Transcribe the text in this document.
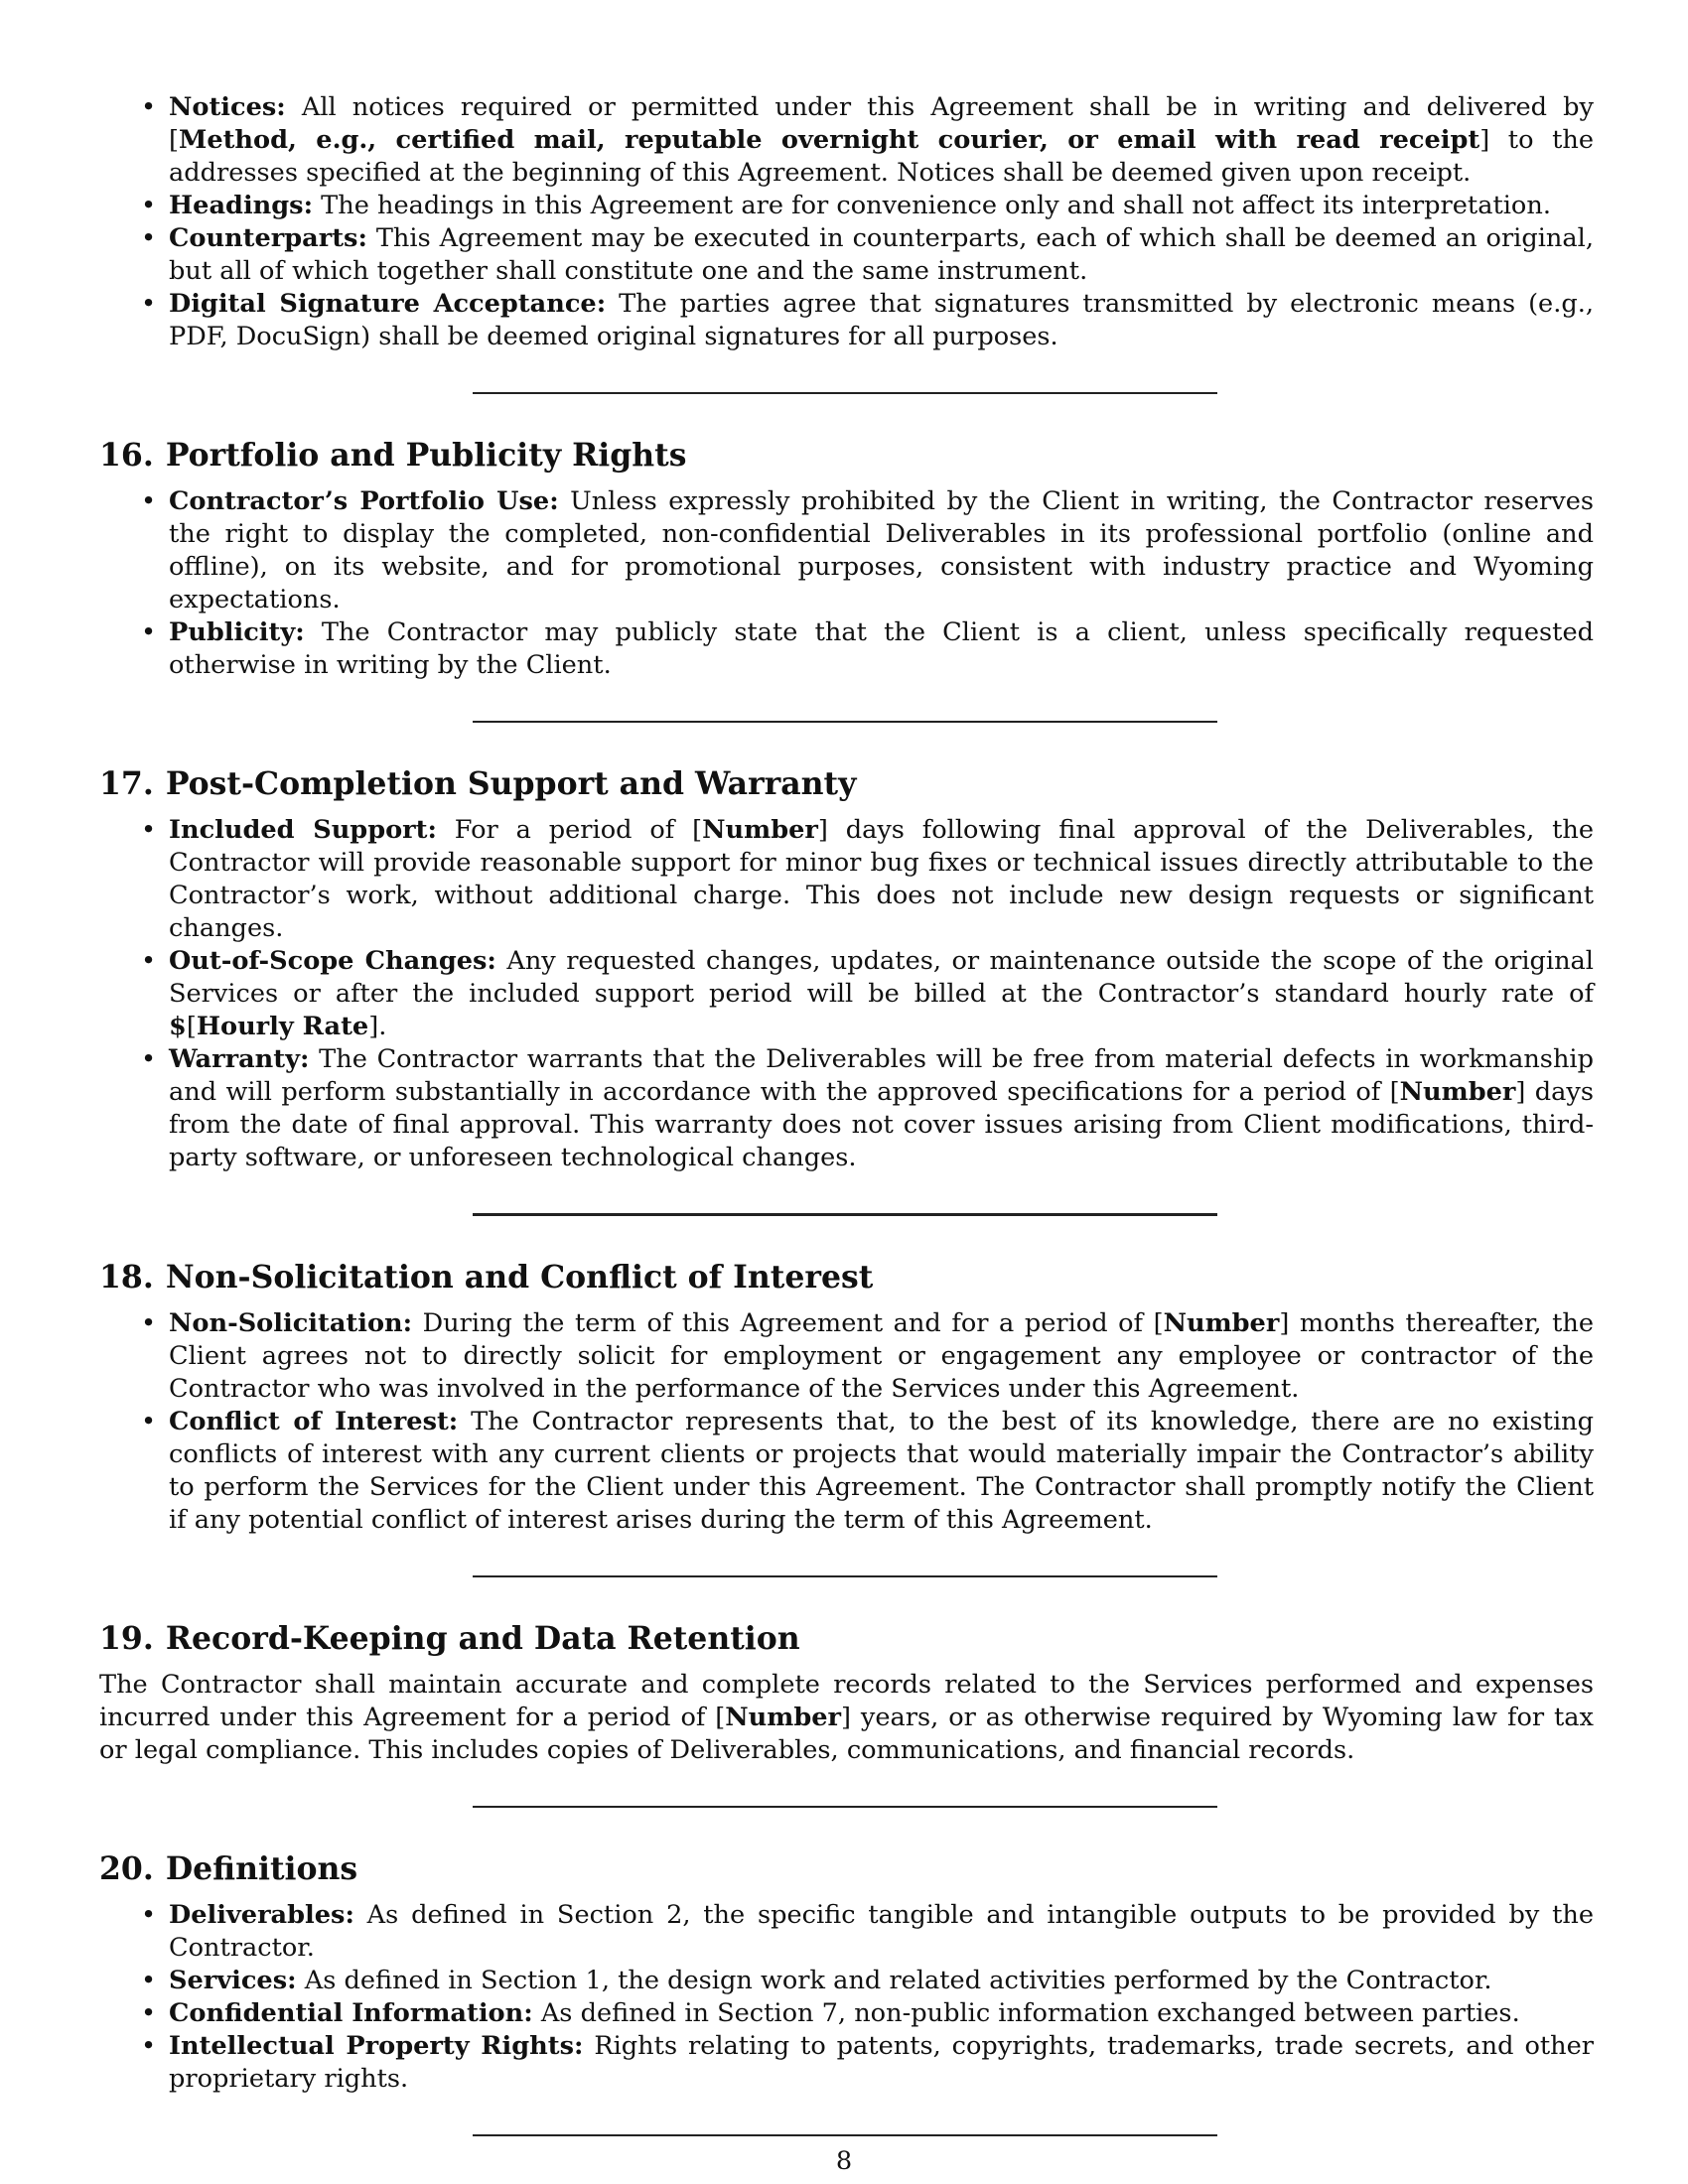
• Notices: All notices required or permitted under this Agreement shall be in writing and delivered by [Method, e.g., certified mail, reputable overnight courier, or email with read receipt] to the addresses specified at the beginning of this Agreement. Notices shall be deemed given upon receipt.
• Headings: The headings in this Agreement are for convenience only and shall not affect its interpretation.
• Counterparts: This Agreement may be executed in counterparts, each of which shall be deemed an original, but all of which together shall constitute one and the same instrument.
• Digital Signature Acceptance: The parties agree that signatures transmitted by electronic means (e.g., PDF, DocuSign) shall be deemed original signatures for all purposes.
16. Portfolio and Publicity Rights
• Contractor’s Portfolio Use: Unless expressly prohibited by the Client in writing, the Contractor reserves the right to display the completed, non-confidential Deliverables in its professional portfolio (online and offline), on its website, and for promotional purposes, consistent with industry practice and Wyoming expectations.
• Publicity: The Contractor may publicly state that the Client is a client, unless specifically requested otherwise in writing by the Client.
17. Post-Completion Support and Warranty
• Included Support: For a period of [Number] days following final approval of the Deliverables, the Contractor will provide reasonable support for minor bug fixes or technical issues directly attributable to the Contractor’s work, without additional charge. This does not include new design requests or significant changes.
• Out-of-Scope Changes: Any requested changes, updates, or maintenance outside the scope of the original Services or after the included support period will be billed at the Contractor’s standard hourly rate of $[Hourly Rate].
• Warranty: The Contractor warrants that the Deliverables will be free from material defects in workmanship and will perform substantially in accordance with the approved specifications for a period of [Number] days from the date of final approval. This warranty does not cover issues arising from Client modifications, third-party software, or unforeseen technological changes.
18. Non-Solicitation and Conflict of Interest
• Non-Solicitation: During the term of this Agreement and for a period of [Number] months thereafter, the Client agrees not to directly solicit for employment or engagement any employee or contractor of the Contractor who was involved in the performance of the Services under this Agreement.
• Conflict of Interest: The Contractor represents that, to the best of its knowledge, there are no existing conflicts of interest with any current clients or projects that would materially impair the Contractor’s ability to perform the Services for the Client under this Agreement. The Contractor shall promptly notify the Client if any potential conflict of interest arises during the term of this Agreement.
19. Record-Keeping and Data Retention

The Contractor shall maintain accurate and complete records related to the Services performed and expenses incurred under this Agreement for a period of [Number] years, or as otherwise required by Wyoming law for tax or legal compliance. This includes copies of Deliverables, communications, and financial records.

20. Definitions
• Deliverables: As defined in Section 2, the specific tangible and intangible outputs to be provided by the Contractor.
• Services: As defined in Section 1, the design work and related activities performed by the Contractor.
• Confidential Information: As defined in Section 7, non-public information exchanged between parties.
• Intellectual Property Rights: Rights relating to patents, copyrights, trademarks, trade secrets, and other proprietary rights.
8
